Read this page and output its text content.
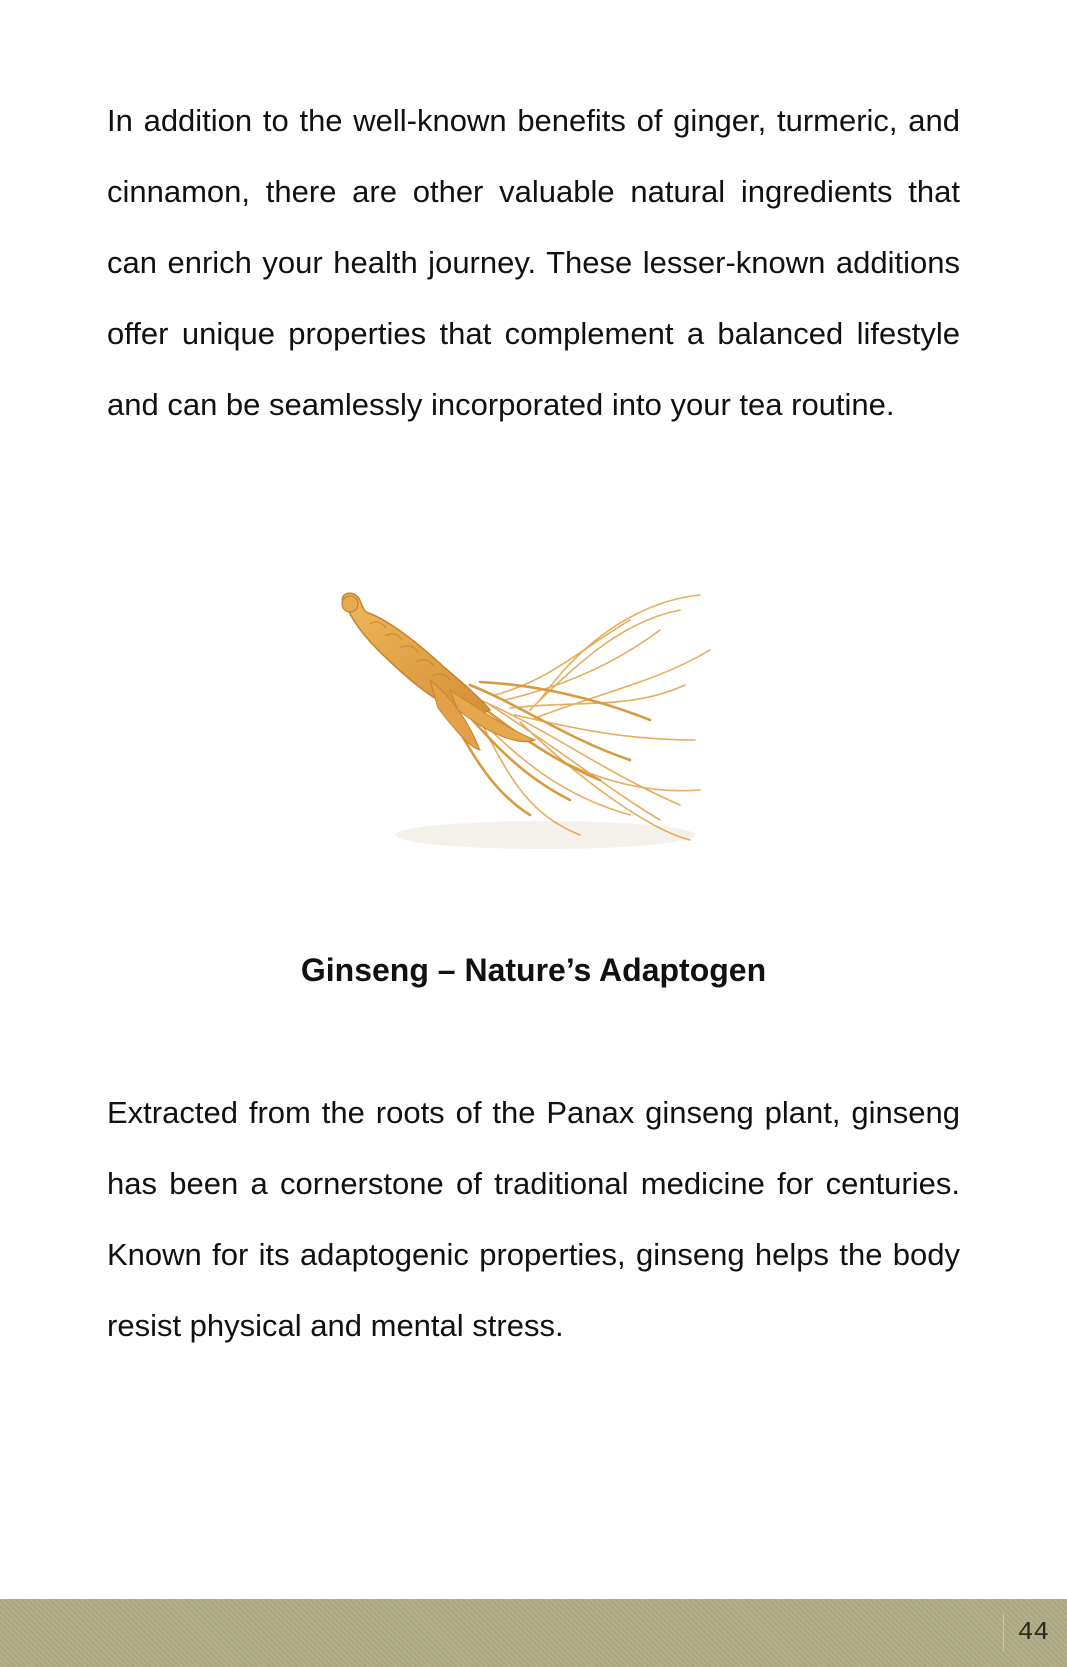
In addition to the well-known benefits of ginger, turmeric, and cinnamon, there are other valuable natural ingredients that can enrich your health journey. These lesser-known additions offer unique properties that complement a balanced lifestyle and can be seamlessly incorporated into your tea routine.

Ginseng – Nature’s Adaptogen

Extracted from the roots of the Panax ginseng plant, ginseng has been a cornerstone of traditional medicine for centuries. Known for its adaptogenic properties, ginseng helps the body resist physical and mental stress.

44
